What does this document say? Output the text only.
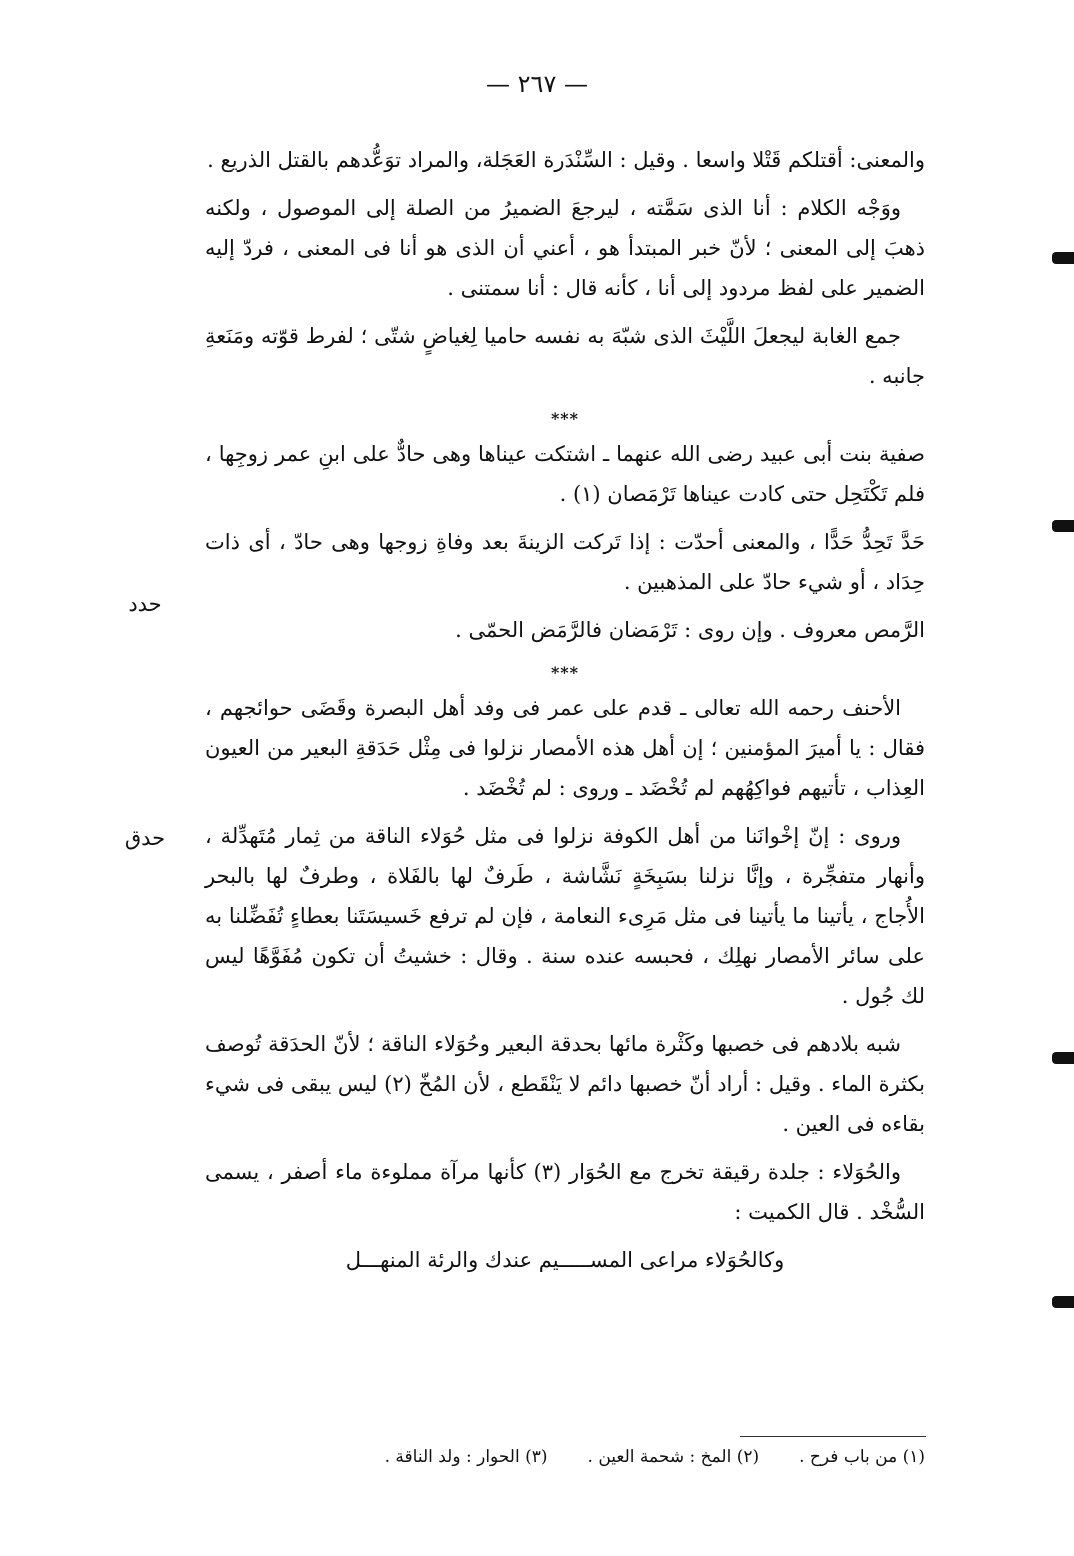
— ٢٦٧ —

والمعنى: أقتلكم قَتْلا واسعا . وقيل : السِّنْدَرة العَجَلة، والمراد توَعُّدهم بالقتل الذريع .

ووَجْه الكلام : أنا الذى سَمَّته ، ليرجعَ الضميرُ من الصلة إلى الموصول ، ولكنه ذهبَ إلى المعنى ؛ لأنّ خبر المبتدأ هو ، أعني أن الذى هو أنا فى المعنى ، فردّ إليه الضمير على لفظ مردود إلى أنا ، كأنه قال : أنا سمتنى .

جمع الغابة ليجعلَ اللَّيْثَ الذى شبّهَ به نفسه حاميا لِغياضٍ شتّى ؛ لفرط قوّته ومَنَعةِ جانبه .

***

صفية بنت أبى عبيد رضى الله عنهما ـ اشتكت عيناها وهى حادٌّ على ابنِ عمر زوجِها ، فلم تَكْتَحِل حتى كادت عيناها تَرْمَصان (١) .

حَدَّ تَحِدُّ حَدًّا ، والمعنى أحدّت : إذا تَركت الزينةَ بعد وفاةِ زوجها وهى حادّ ، أى ذات حِدَاد ، أو شيء حادّ على المذهبين .

الرَّمص معروف . وإن روى : تَرْمَضان فالرَّمَض الحمّى .

***

الأحنف رحمه الله تعالى ـ قدم على عمر فى وفد أهل البصرة وقَضَى حوائجهم ، فقال : يا أميرَ المؤمنين ؛ إن أهل هذه الأمصار نزلوا فى مِثْل حَدَقةِ البعير من العيون العِذاب ، تأتيهم فواكِهُهم لم تُخْضَد ـ وروى : لم تُخْضَد .

وروى : إنّ إخْوانَنا من أهل الكوفة نزلوا فى مثل حُوَلاء الناقة من ثِمار مُتَهدِّلة ، وأنهار متفجِّرة ، وإنَّا نزلنا بسَبِخَةٍ نَشَّاشة ، طَرفٌ لها بالفَلاة ، وطرفٌ لها بالبحر الأُجاج ، يأتينا ما يأتينا فى مثل مَرِىء النعامة ، فإن لم ترفع خَسيسَتَنا بعطاءٍ تُفَضِّلنا به على سائر الأمصار نهلِك ، فحبسه عنده سنة . وقال : خشيتُ أن تكون مُفَوَّهًا ليس لك جُول .

شبه بلادهم فى خصبها وكَثْرة مائها بحدقة البعير وحُوَلاء الناقة ؛ لأنّ الحدَقة تُوصف بكثرة الماء . وقيل : أراد أنّ خصبها دائم لا يَنْقَطع ، لأن المُخّ (٢) ليس يبقى فى شيء بقاءه فى العين .

والحُوَلاء : جلدة رقيقة تخرج مع الحُوَار (٣) كأنها مرآة مملوءة ماء أصفر ، يسمى السُّخْد . قال الكميت :

وكالحُوَلاء مراعى المســـــيم عندك والرئة المنهـــل
حدد
حدق
(١) من باب فرح .
(٢) المخ : شحمة العين .
(٣) الحوار : ولد الناقة .
